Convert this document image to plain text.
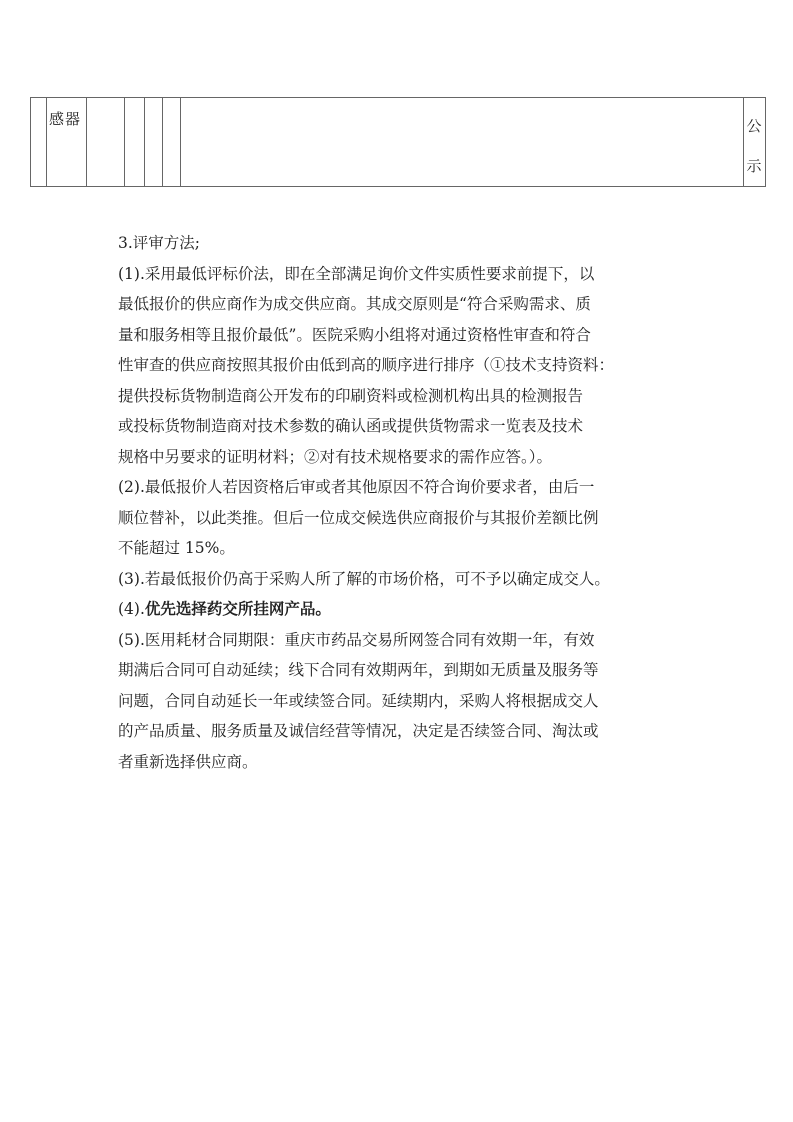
感器						公示

3.评审方法;

(1).采用最低评标价法，即在全部满足询价文件实质性要求前提下，以
最低报价的供应商作为成交供应商。其成交原则是“符合采购需求、质
量和服务相等且报价最低”。医院采购小组将对通过资格性审查和符合
性审查的供应商按照其报价由低到高的顺序进行排序（①技术支持资料：
提供投标货物制造商公开发布的印刷资料或检测机构出具的检测报告
或投标货物制造商对技术参数的确认函或提供货物需求一览表及技术
规格中另要求的证明材料；②对有技术规格要求的需作应答。）。

(2).最低报价人若因资格后审或者其他原因不符合询价要求者，由后一
顺位替补，以此类推。但后一位成交候选供应商报价与其报价差额比例
不能超过 15%。

(3).若最低报价仍高于采购人所了解的市场价格，可不予以确定成交人。

(4).优先选择药交所挂网产品。

(5).医用耗材合同期限：重庆市药品交易所网签合同有效期一年，有效
期满后合同可自动延续；线下合同有效期两年，到期如无质量及服务等
问题，合同自动延长一年或续签合同。延续期内，采购人将根据成交人
的产品质量、服务质量及诚信经营等情况，决定是否续签合同、淘汰或
者重新选择供应商。
